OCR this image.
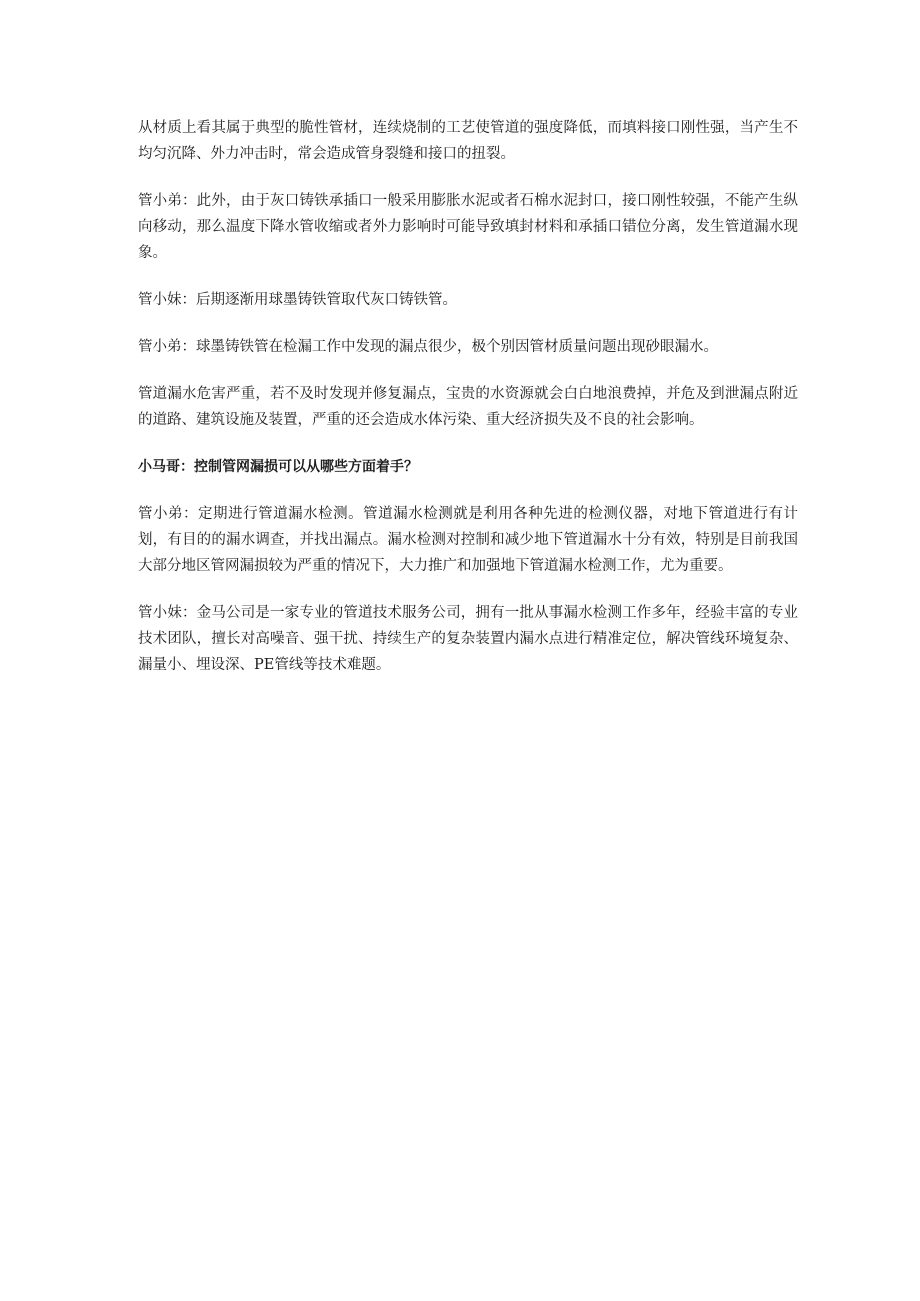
从材质上看其属于典型的脆性管材，连续烧制的工艺使管道的强度降低，而填料接口刚性强，当产生不均匀沉降、外力冲击时，常会造成管身裂缝和接口的扭裂。

管小弟：此外，由于灰口铸铁承插口一般采用膨胀水泥或者石棉水泥封口，接口刚性较强，不能产生纵向移动，那么温度下降水管收缩或者外力影响时可能导致填封材料和承插口错位分离，发生管道漏水现象。

管小妹：后期逐渐用球墨铸铁管取代灰口铸铁管。

管小弟：球墨铸铁管在检漏工作中发现的漏点很少，极个别因管材质量问题出现砂眼漏水。

管道漏水危害严重，若不及时发现并修复漏点，宝贵的水资源就会白白地浪费掉，并危及到泄漏点附近的道路、建筑设施及装置，严重的还会造成水体污染、重大经济损失及不良的社会影响。

小马哥：控制管网漏损可以从哪些方面着手？

管小弟：定期进行管道漏水检测。管道漏水检测就是利用各种先进的检测仪器，对地下管道进行有计划，有目的的漏水调查，并找出漏点。漏水检测对控制和减少地下管道漏水十分有效，特别是目前我国大部分地区管网漏损较为严重的情况下，大力推广和加强地下管道漏水检测工作，尤为重要。

管小妹：金马公司是一家专业的管道技术服务公司，拥有一批从事漏水检测工作多年，经验丰富的专业技术团队，擅长对高噪音、强干扰、持续生产的复杂装置内漏水点进行精准定位，解决管线环境复杂、漏量小、埋设深、PE管线等技术难题。
